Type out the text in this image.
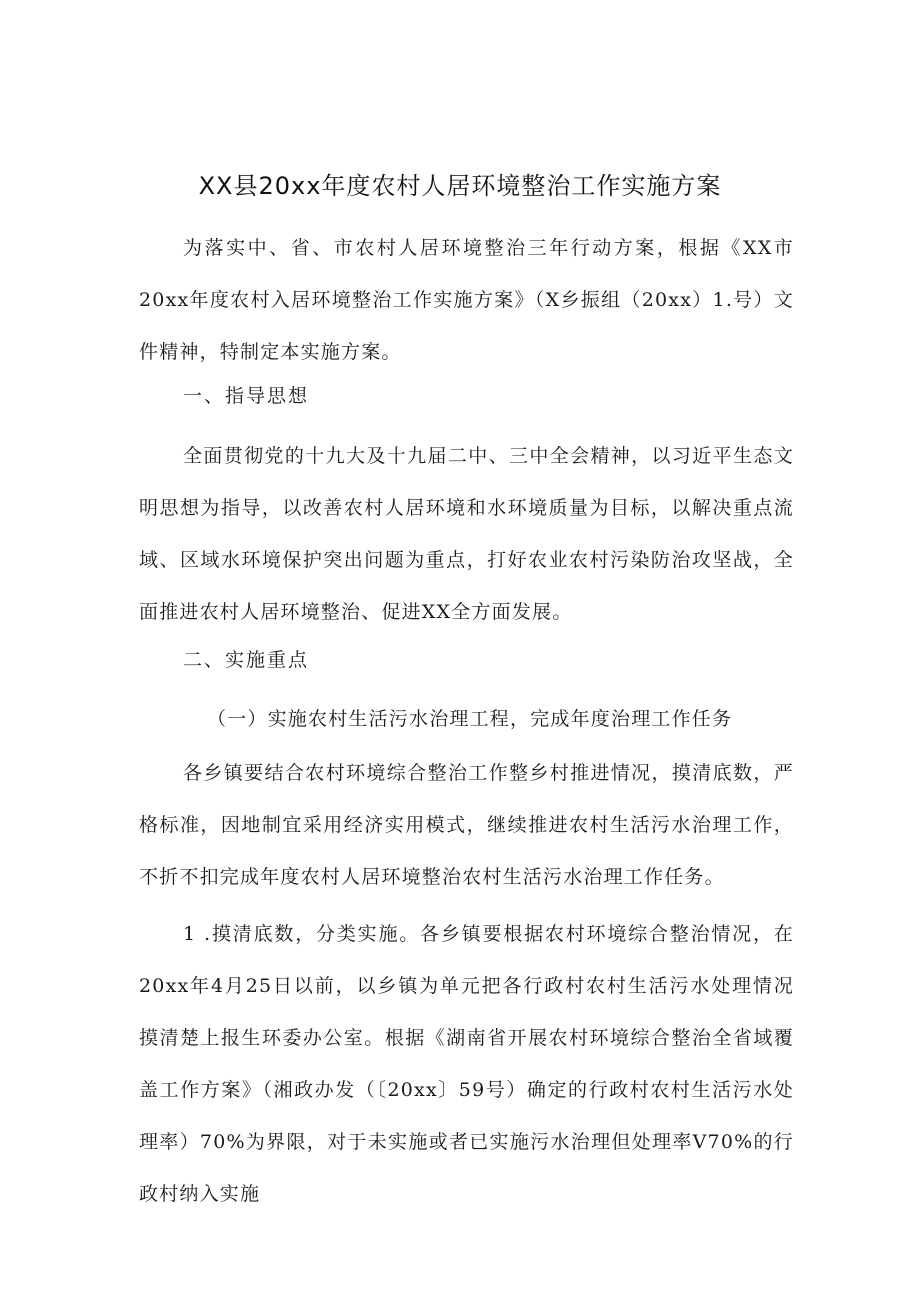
XX县20xx年度农村人居环境整治工作实施方案

为落实中、省、市农村人居环境整治三年行动方案，根据《XX市20xx年度农村入居环境整治工作实施方案》（X乡振组（20xx）1.号）文件精神，特制定本实施方案。

一、指导思想

全面贯彻党的十九大及十九届二中、三中全会精神，以习近平生态文明思想为指导，以改善农村人居环境和水环境质量为目标，以解决重点流域、区域水环境保护突出问题为重点，打好农业农村污染防治攻坚战，全面推进农村人居环境整治、促进XX全方面发展。

二、实施重点

（一）实施农村生活污水治理工程，完成年度治理工作任务

各乡镇要结合农村环境综合整治工作整乡村推进情况，摸清底数，严格标准，因地制宜采用经济实用模式，继续推进农村生活污水治理工作，不折不扣完成年度农村人居环境整治农村生活污水治理工作任务。

1 .摸清底数，分类实施。各乡镇要根据农村环境综合整治情况，在20xx年4月25日以前，以乡镇为单元把各行政村农村生活污水处理情况摸清楚上报生环委办公室。根据《湖南省开展农村环境综合整治全省域覆盖工作方案》（湘政办发（〔20xx〕59号）确定的行政村农村生活污水处理率）70%为界限，对于未实施或者已实施污水治理但处理率V70%的行政村纳入实施
